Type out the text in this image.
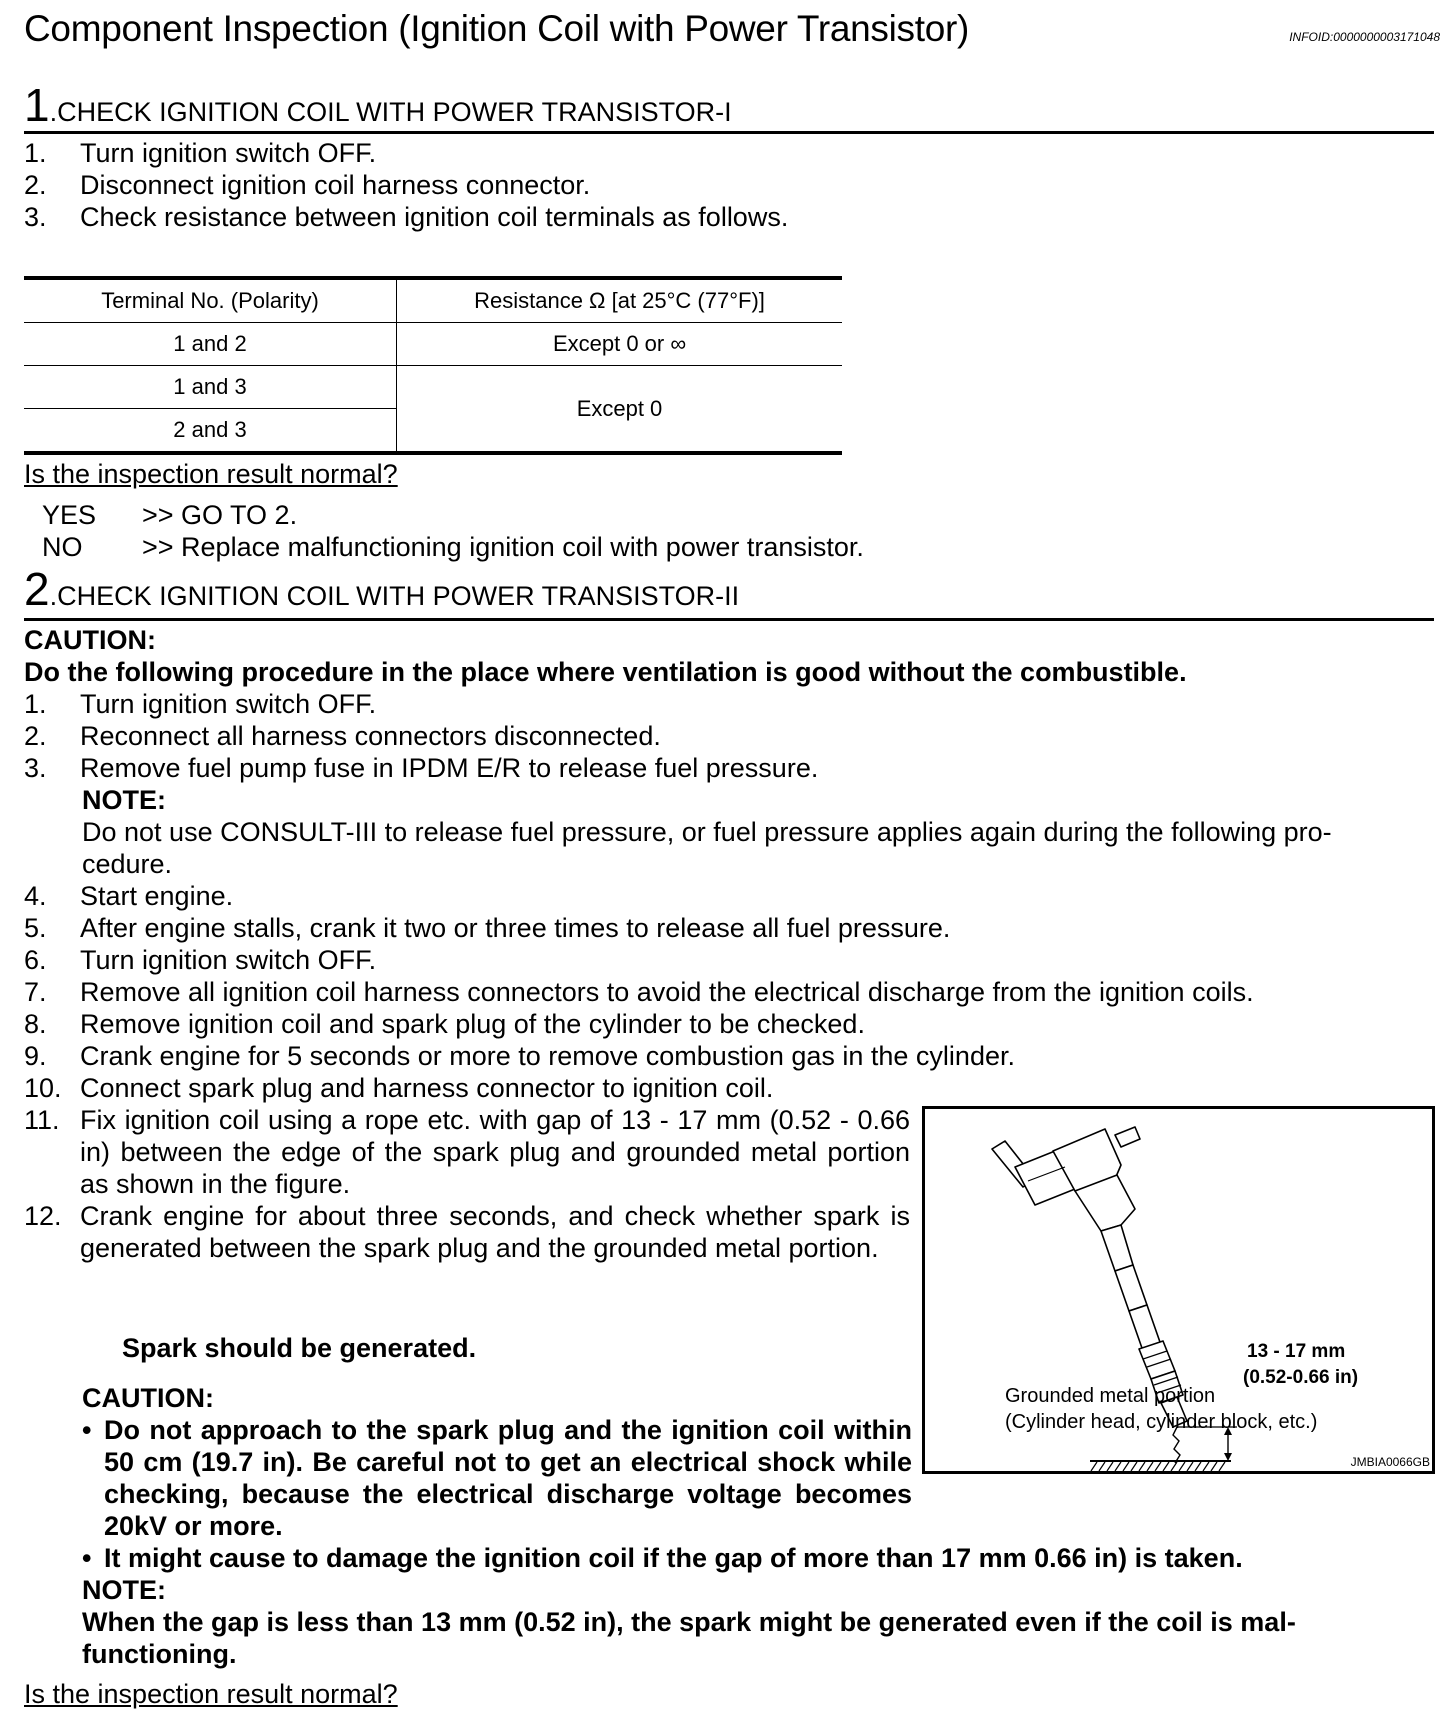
Component Inspection (Ignition Coil with Power Transistor)	INFOID:0000000003171048
1.CHECK IGNITION COIL WITH POWER TRANSISTOR-I
1. Turn ignition switch OFF.
2. Disconnect ignition coil harness connector.
3. Check resistance between ignition coil terminals as follows.
Terminal No. (Polarity)	Resistance Ω [at 25°C (77°F)]
1 and 2	Except 0 or ∞
1 and 3	Except 0
2 and 3	
Is the inspection result normal?
YES >> GO TO 2.
NO >> Replace malfunctioning ignition coil with power transistor.
2.CHECK IGNITION COIL WITH POWER TRANSISTOR-II
CAUTION:
Do the following procedure in the place where ventilation is good without the combustible.
1. Turn ignition switch OFF.
2. Reconnect all harness connectors disconnected.
3. Remove fuel pump fuse in IPDM E/R to release fuel pressure.
NOTE:
Do not use CONSULT-III to release fuel pressure, or fuel pressure applies again during the following pro-
cedure.
4. Start engine.
5. After engine stalls, crank it two or three times to release all fuel pressure.
6. Turn ignition switch OFF.
7. Remove all ignition coil harness connectors to avoid the electrical discharge from the ignition coils.
8. Remove ignition coil and spark plug of the cylinder to be checked.
9. Crank engine for 5 seconds or more to remove combustion gas in the cylinder.
10. Connect spark plug and harness connector to ignition coil.
11. Fix ignition coil using a rope etc. with gap of 13 - 17 mm (0.52 - 0.66 in) between the edge of the spark plug and grounded metal portion as shown in the figure.
12. Crank engine for about three seconds, and check whether spark is generated between the spark plug and the grounded metal portion.
Spark should be generated.
CAUTION:
• Do not approach to the spark plug and the ignition coil within 50 cm (19.7 in). Be careful not to get an electrical shock while checking, because the electrical discharge voltage becomes 20kV or more.
• It might cause to damage the ignition coil if the gap of more than 17 mm 0.66 in) is taken.
NOTE:
When the gap is less than 13 mm (0.52 in), the spark might be generated even if the coil is mal-
functioning.
Is the inspection result normal?
13 - 17 mm
(0.52-0.66 in)
Grounded metal portion
(Cylinder head, cylinder block, etc.)
JMBIA0066GB
